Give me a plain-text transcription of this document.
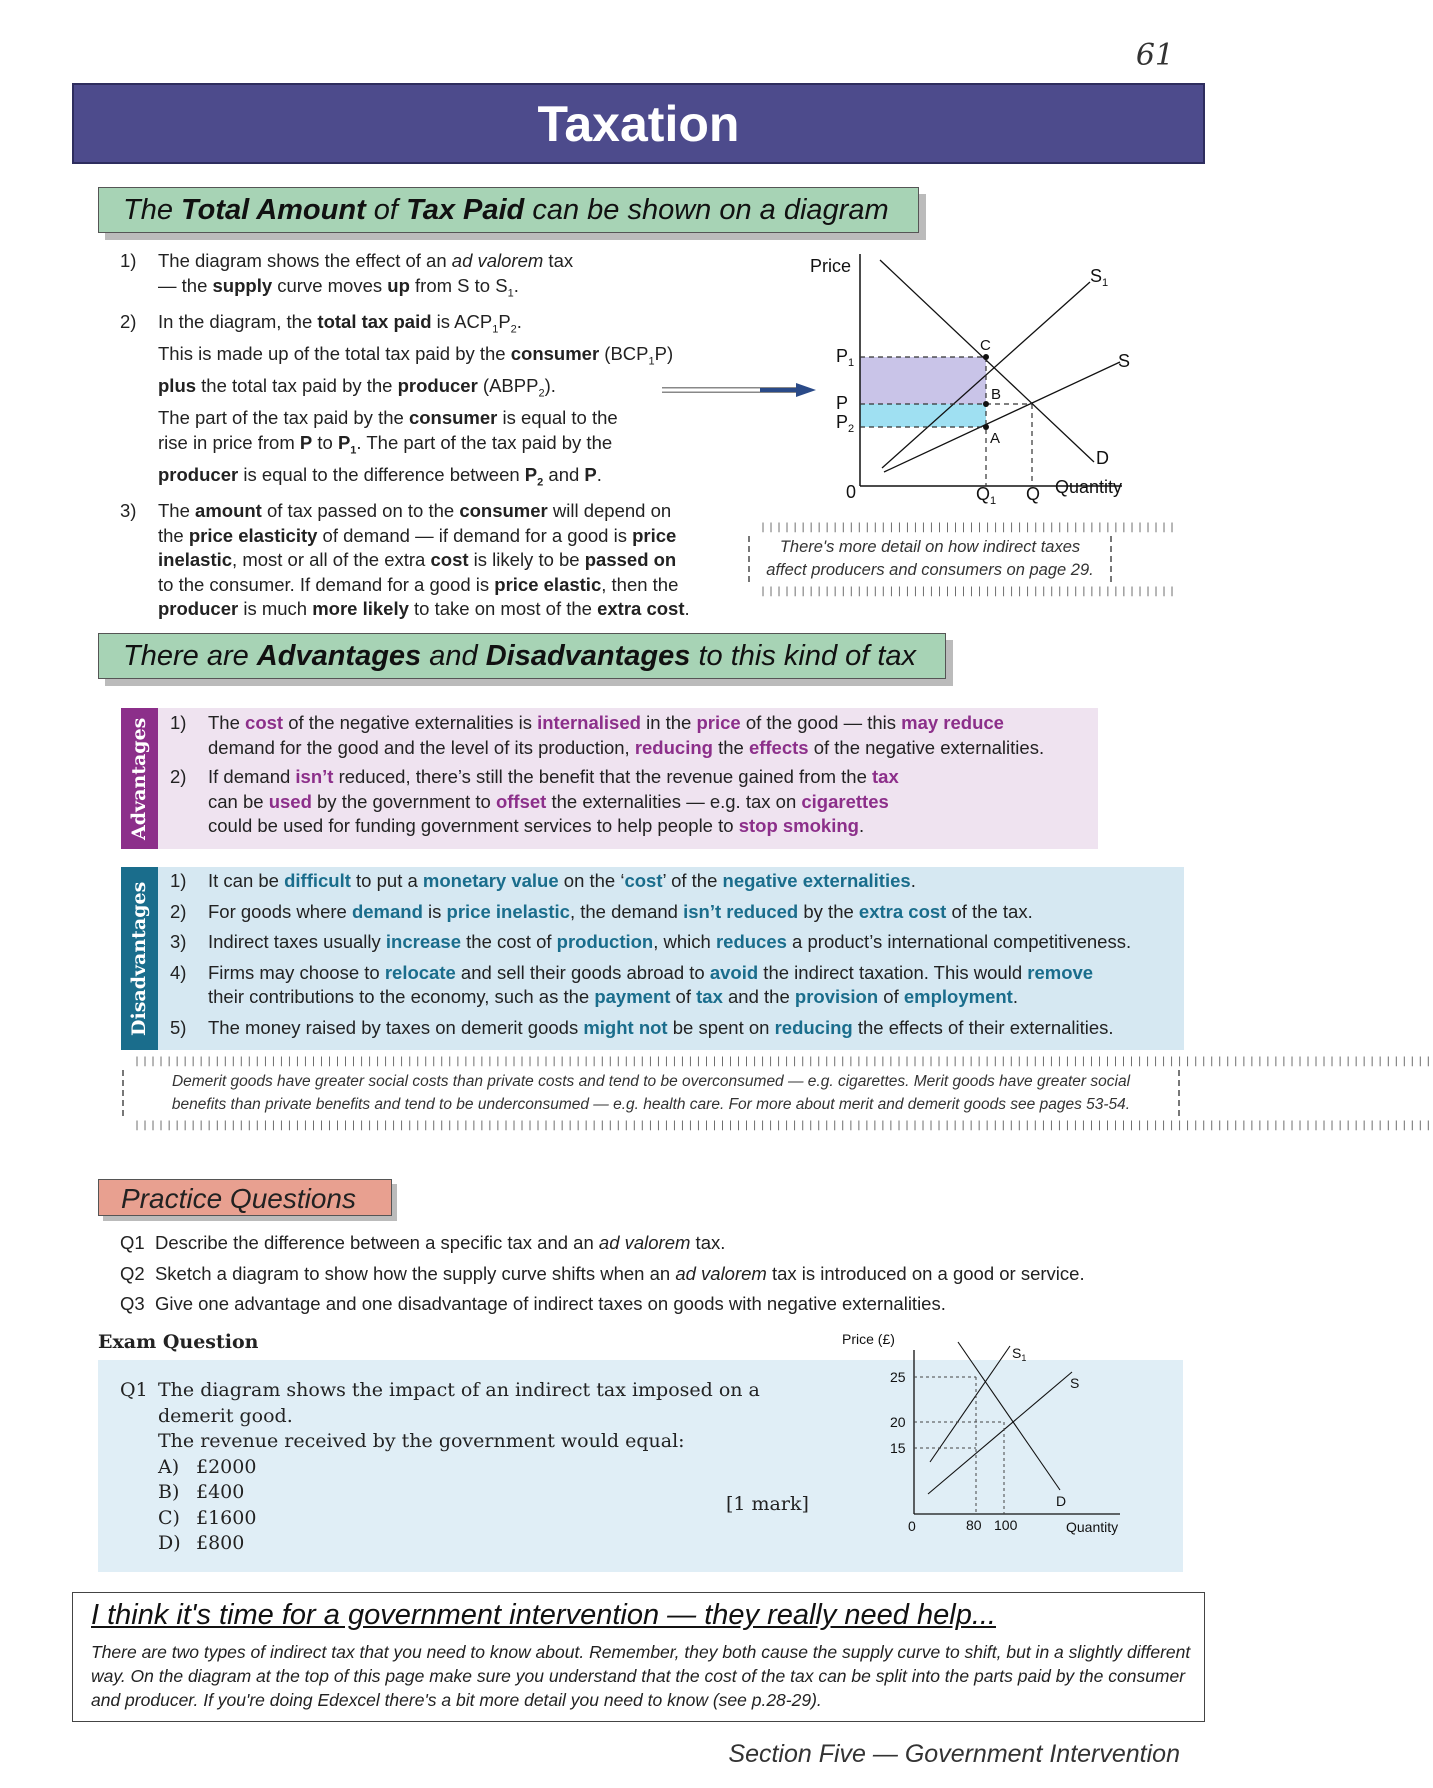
61
Taxation
The Total Amount of Tax Paid can be shown on a diagram
1) The diagram shows the effect of an ad valorem tax
— the supply curve moves up from S to $S_1$.
2) In the diagram, the total tax paid is $ACP_1P_2$.
This is made up of the total tax paid by the consumer $(BCP_1P)$
plus the total tax paid by the producer $(ABPP_2)$.
The part of the tax paid by the consumer is equal to the
rise in price from P to $P_1$. The part of the tax paid by the
producer is equal to the difference between $P_2$ and P.
3) The amount of tax passed on to the consumer will depend on
the price elasticity of demand — if demand for a good is price
inelastic, most or all of the extra cost is likely to be passed on
to the consumer. If demand for a good is price elastic, then the
producer is much more likely to take on most of the extra cost.
Price
Quantity
0
$P_1$
P
$P_2$
$Q_1$ Q
$S_1$
S
D
C
B
A
||||||||||||||||||||||||||||||||||||||||||||||||||||
||||||||||||||||||||||||||||||||||||||||||||||||||||
There's more detail on how indirect taxes
affect producers and consumers on page 29.
There are Advantages and Disadvantages to this kind of tax
Advantages	1) The cost of the negative externalities is internalised in the price of the good — this may reduce
demand for the good and the level of its production, reducing the effects of the negative externalities.
2) If demand isn’t reduced, there’s still the benefit that the revenue gained from the tax
can be used by the government to offset the externalities — e.g. tax on cigarettes
could be used for funding government services to help people to stop smoking.
Disadvantages
1) It can be difficult to put a monetary value on the ‘cost’ of the negative externalities.
2) For goods where demand is price inelastic, the demand isn’t reduced by the extra cost of the tax.
3) Indirect taxes usually increase the cost of production, which reduces a product’s international competitiveness.
4) Firms may choose to relocate and sell their goods abroad to avoid the indirect taxation. This would remove
their contributions to the economy, such as the payment of tax and the provision of employment.
5) The money raised by taxes on demerit goods might not be spent on reducing the effects of their externalities.
||||||||||||||||||||||||||||||||||||||||||||||||||||||||||||||||||||||||||||||||||||||||||||||||||||||||||||||||||||||||||||||||||||||||||||||||||||||||||||||||||
||||||||||||||||||||||||||||||||||||||||||||||||||||||||||||||||||||||||||||||||||||||||||||||||||||||||||||||||||||||||||||||||||||||||||||||||||||||||||||||||||
Demerit goods have greater social costs than private costs and tend to be overconsumed — e.g. cigarettes. Merit goods have greater social
benefits than private benefits and tend to be underconsumed — e.g. health care. For more about merit and demerit goods see pages 53-54.
Practice Questions
Q1 Describe the difference between a specific tax and an ad valorem tax.
Q2 Sketch a diagram to show how the supply curve shifts when an ad valorem tax is introduced on a good or service.
Q3 Give one advantage and one disadvantage of indirect taxes on goods with negative externalities.
Exam Question
Q1 The diagram shows the impact of an indirect tax imposed on a demerit good.
The revenue received by the government would equal:
A) £2000
B) £400
C) £1600
D) £800
[1 mark]
Price (£)
Quantity
0
25
20
15
80 100
$S_1$
S
D
I think it's time for a government intervention — they really need help...
There are two types of indirect tax that you need to know about. Remember, they both cause the supply curve to shift, but in a slightly different way. On the diagram at the top of this page make sure you understand that the cost of the tax can be split into the parts paid by the consumer and producer. If you're doing Edexcel there's a bit more detail you need to know (see p.28-29).
Section Five — Government Intervention
